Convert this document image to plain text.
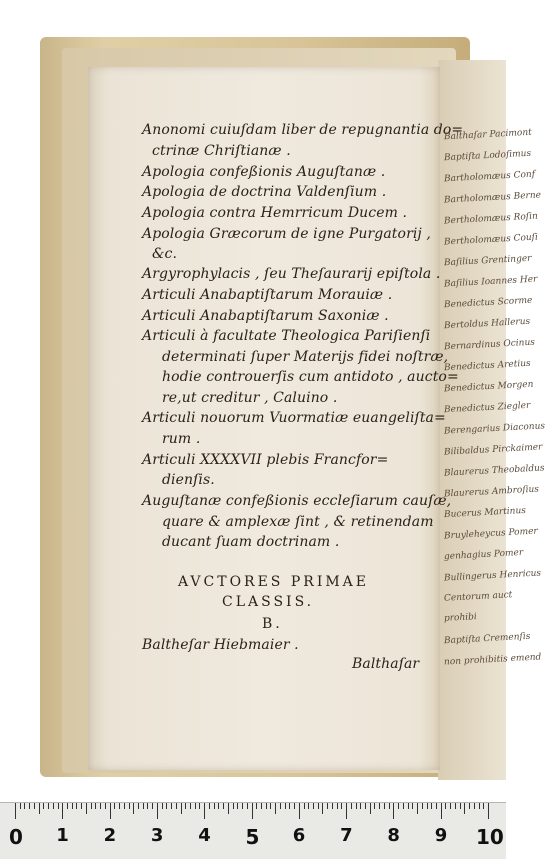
Balthaſar Pacimont
Baptiſta Lodoſimus
Bartholomæus Conf
Bartholomæus Berne
Bertholomæus Roſin
Bertholomæus Couſi
Baſilius Grentinger
Baſilius Ioannes Her
Benedictus Scorme
Bertoldus Hallerus
Bernardinus Ocinus
Benedictus Aretius
Benedictus Morgen
Benedictus Ziegler
Berengarius Diaconus
Bilibaldus Pirckaimer
Blaurerus Theobaldus
Blaurerus Ambroſius
Bucerus Martinus
Bruyleheycus Pomer
genhagius Pomer
Bullingerus Henricus
Centorum auct
prohibi
Baptiſta Cremenſis
non prohibitis emend
Anonomi cuiuſdam liber de repugnantia do=
ctrinæ Chriſtianæ .
Apologia confeßionis Auguſtanæ .
Apologia de doctrina Valdenſium .
Apologia contra Hemrricum Ducem .
Apologia Græcorum de igne Purgatorij ,
&c.
Argyrophylacis , ſeu Theſaurarij epiſtola .
Articuli Anabaptiſtarum Morauiæ .
Articuli Anabaptiſtarum Saxoniæ .
Articuli à facultate Theologica Pariſienſi
determinati ſuper Materijs fidei noſtræ,
hodie controuerſis cum antidoto , aucto=
re,ut creditur , Caluino .
Articuli nouorum Vuormatiæ euangeliſta=
rum .
Articuli XXXXVII plebis Francfor=
dienſis.
Auguſtanæ confeßionis eccleſiarum cauſæ,
quare & amplexæ ſint , & retinendam
ducant ſuam doctrinam .
AVCTORES PRIMAE
CLASSIS.
B.
Balthеſar Hiebmaier .
Balthaſar
0 1 2 3 4 5 6 7 8 9 10
